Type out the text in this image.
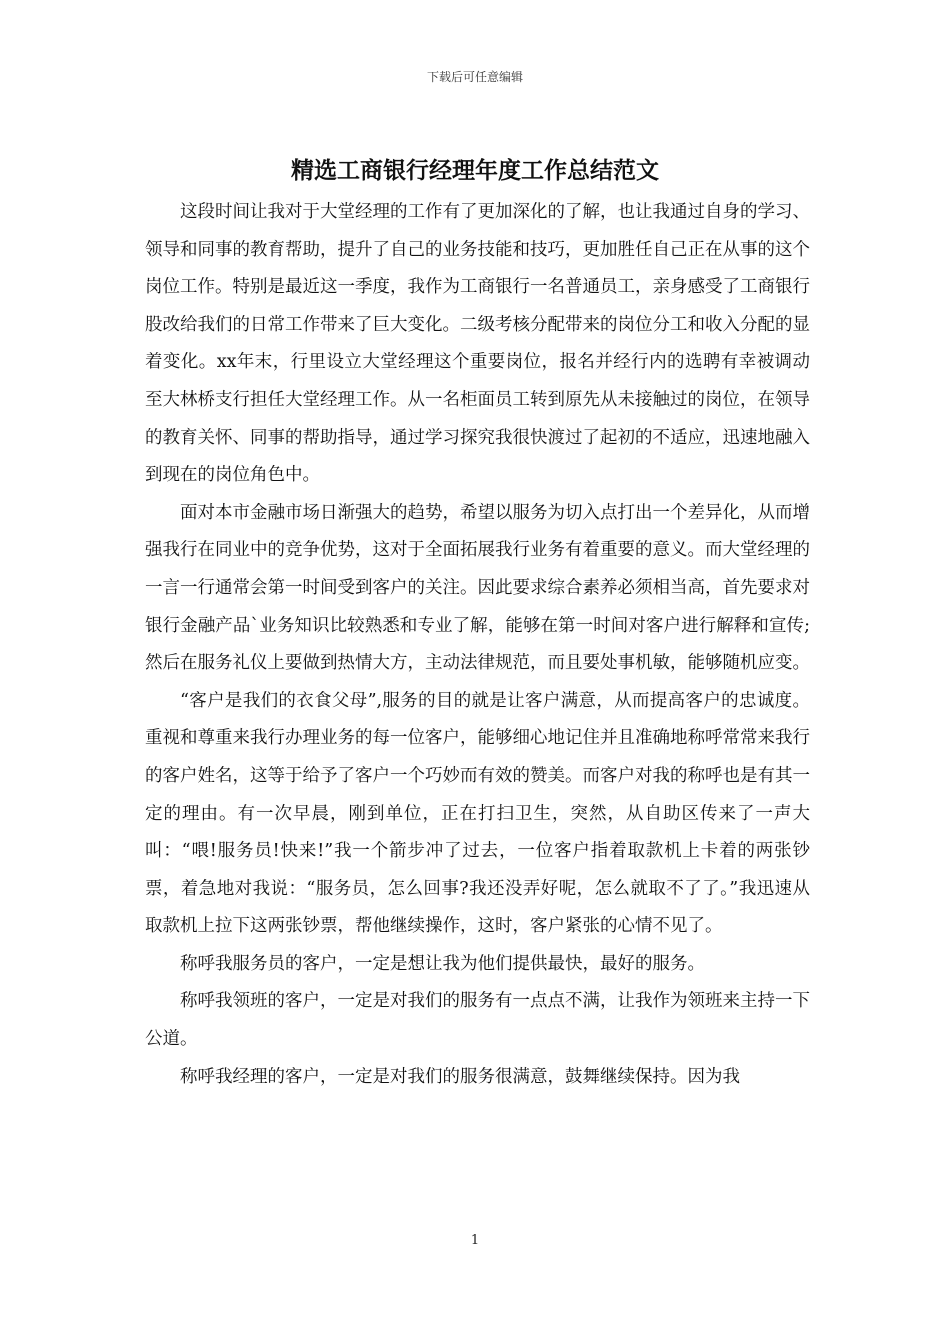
下载后可任意编辑
精选工商银行经理年度工作总结范文

这段时间让我对于大堂经理的工作有了更加深化的了解，也让我通过自身的学习、领导和同事的教育帮助，提升了自己的业务技能和技巧，更加胜任自己正在从事的这个岗位工作。特别是最近这一季度，我作为工商银行一名普通员工，亲身感受了工商银行股改给我们的日常工作带来了巨大变化。二级考核分配带来的岗位分工和收入分配的显着变化。xx年末，行里设立大堂经理这个重要岗位，报名并经行内的选聘有幸被调动至大林桥支行担任大堂经理工作。从一名柜面员工转到原先从未接触过的岗位，在领导的教育关怀、同事的帮助指导，通过学习探究我很快渡过了起初的不适应，迅速地融入到现在的岗位角色中。

面对本市金融市场日渐强大的趋势，希望以服务为切入点打出一个差异化，从而增强我行在同业中的竞争优势，这对于全面拓展我行业务有着重要的意义。而大堂经理的一言一行通常会第一时间受到客户的关注。因此要求综合素养必须相当高，首先要求对银行金融产品`业务知识比较熟悉和专业了解，能够在第一时间对客户进行解释和宣传;然后在服务礼仪上要做到热情大方，主动法律规范，而且要处事机敏，能够随机应变。

“客户是我们的衣食父母”,服务的目的就是让客户满意，从而提高客户的忠诚度。重视和尊重来我行办理业务的每一位客户，能够细心地记住并且准确地称呼常常来我行的客户姓名，这等于给予了客户一个巧妙而有效的赞美。而客户对我的称呼也是有其一定的理由。有一次早晨，刚到单位，正在打扫卫生，突然，从自助区传来了一声大叫：“喂!服务员!快来!”我一个箭步冲了过去，一位客户指着取款机上卡着的两张钞票，着急地对我说：“服务员，怎么回事?我还没弄好呢，怎么就取不了了。”我迅速从取款机上拉下这两张钞票，帮他继续操作，这时，客户紧张的心情不见了。

称呼我服务员的客户，一定是想让我为他们提供最快，最好的服务。

称呼我领班的客户，一定是对我们的服务有一点点不满，让我作为领班来主持一下公道。

称呼我经理的客户，一定是对我们的服务很满意，鼓舞继续保持。因为我

1
